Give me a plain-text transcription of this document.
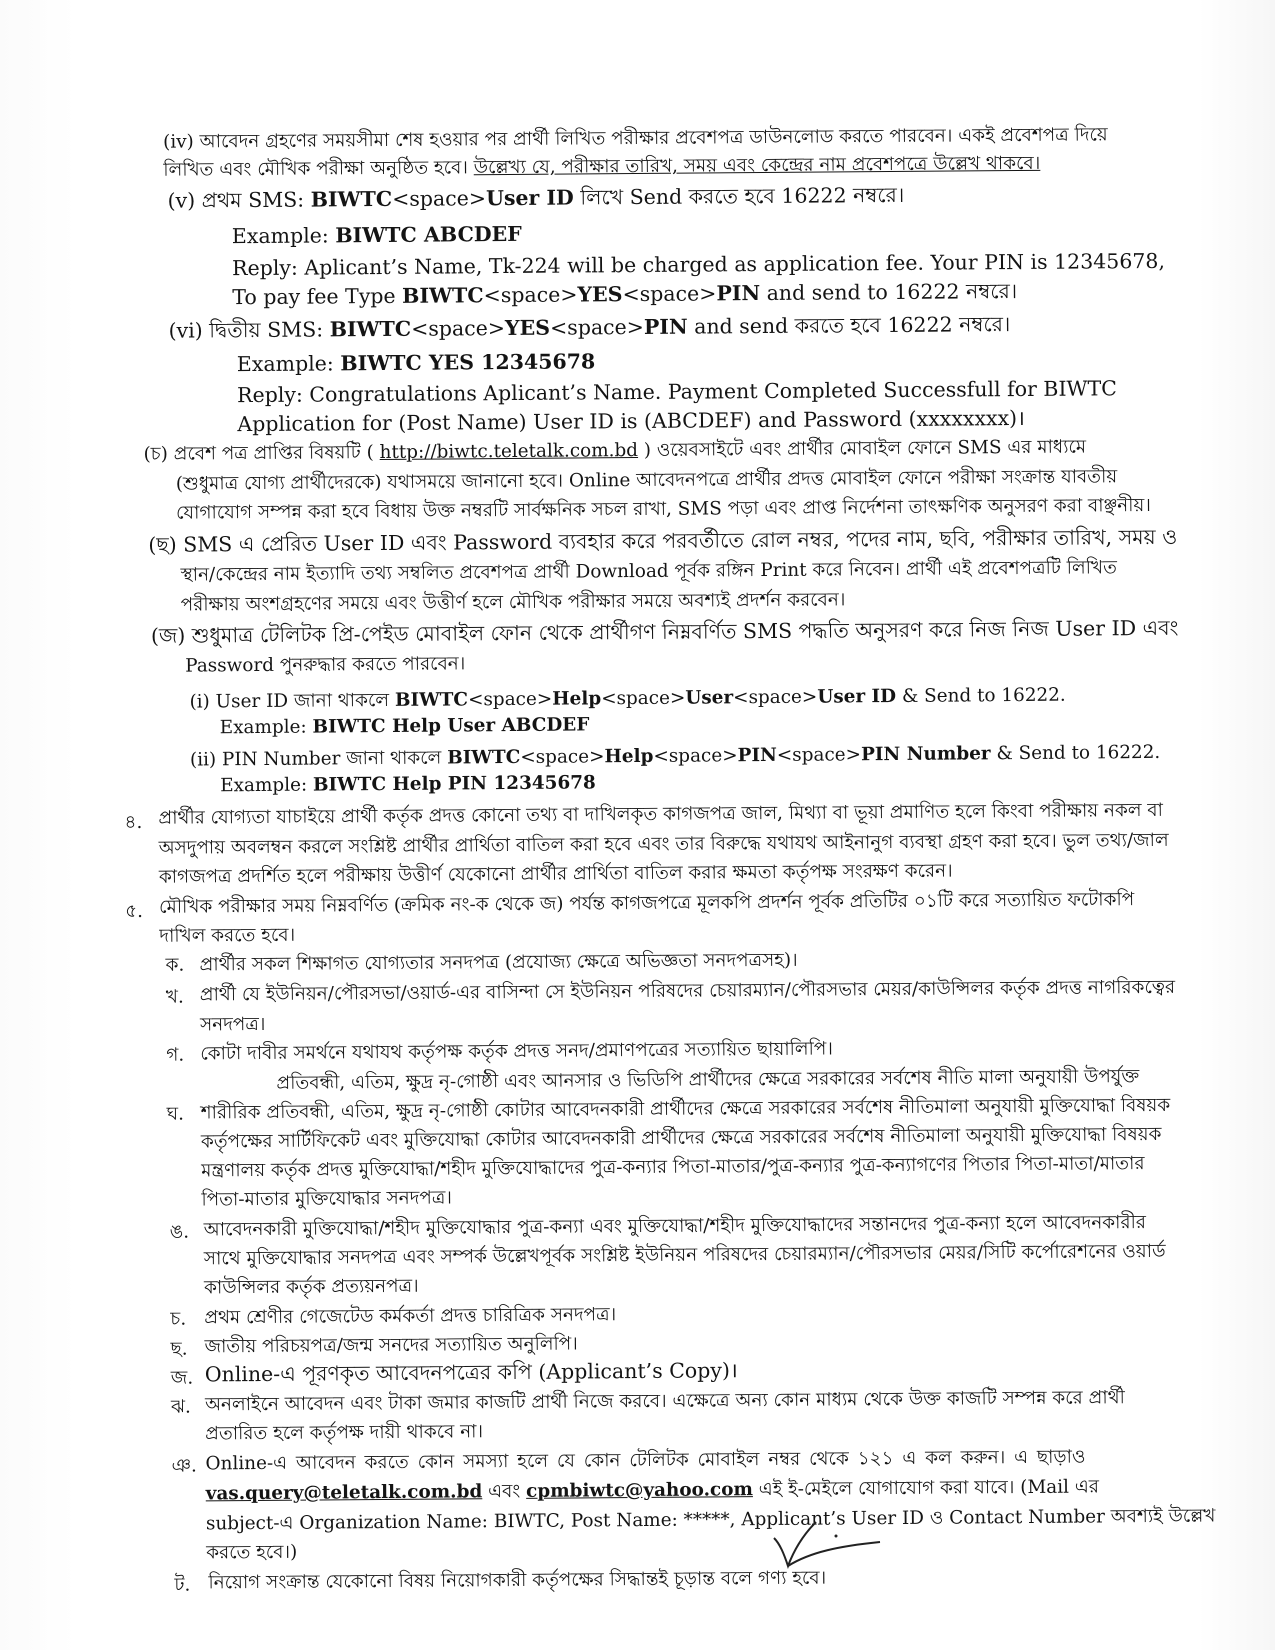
(iv) আবেদন গ্রহণের সময়সীমা শেষ হওয়ার পর প্রার্থী লিখিত পরীক্ষার প্রবেশপত্র ডাউনলোড করতে পারবেন। একই প্রবেশপত্র দিয়ে
লিখিত এবং মৌখিক পরীক্ষা অনুষ্ঠিত হবে। উল্লেখ্য যে, পরীক্ষার তারিখ, সময় এবং কেন্দ্রের নাম প্রবেশপত্রে উল্লেখ থাকবে।
(v) প্রথম SMS: BIWTC<space>User ID লিখে Send করতে হবে 16222 নম্বরে।
Example: BIWTC ABCDEF
Reply: Aplicant’s Name, Tk-224 will be charged as application fee. Your PIN is 12345678,
To pay fee Type BIWTC<space>YES<space>PIN and send to 16222 নম্বরে।
(vi) দ্বিতীয় SMS: BIWTC<space>YES<space>PIN and send করতে হবে 16222 নম্বরে।
Example: BIWTC YES 12345678
Reply: Congratulations Aplicant’s Name. Payment Completed Successfull for BIWTC
Application for (Post Name) User ID is (ABCDEF) and Password (xxxxxxxx)।
(চ) প্রবেশ পত্র প্রাপ্তির বিষয়টি ( http://biwtc.teletalk.com.bd ) ওয়েবসাইটে এবং প্রার্থীর মোবাইল ফোনে SMS এর মাধ্যমে
(শুধুমাত্র যোগ্য প্রার্থীদেরকে) যথাসময়ে জানানো হবে। Online আবেদনপত্রে প্রার্থীর প্রদত্ত মোবাইল ফোনে পরীক্ষা সংক্রান্ত যাবতীয়
যোগাযোগ সম্পন্ন করা হবে বিধায় উক্ত নম্বরটি সার্বক্ষনিক সচল রাখা, SMS পড়া এবং প্রাপ্ত নির্দেশনা তাৎক্ষণিক অনুসরণ করা বাঞ্ছনীয়।
(ছ) SMS এ প্রেরিত User ID এবং Password ব্যবহার করে পরবর্তীতে রোল নম্বর, পদের নাম, ছবি, পরীক্ষার তারিখ, সময় ও
স্থান/কেন্দ্রের নাম ইত্যাদি তথ্য সম্বলিত প্রবেশপত্র প্রার্থী Download পূর্বক রঙ্গিন Print করে নিবেন। প্রার্থী এই প্রবেশপত্রটি লিখিত
পরীক্ষায় অংশগ্রহণের সময়ে এবং উত্তীর্ণ হলে মৌখিক পরীক্ষার সময়ে অবশ্যই প্রদর্শন করবেন।
(জ) শুধুমাত্র টেলিটক প্রি-পেইড মোবাইল ফোন থেকে প্রার্থীগণ নিম্নবর্ণিত SMS পদ্ধতি অনুসরণ করে নিজ নিজ User ID এবং
Password পুনরুদ্ধার করতে পারবেন।
(i) User ID জানা থাকলে BIWTC<space>Help<space>User<space>User ID & Send to 16222.
Example: BIWTC Help User ABCDEF
(ii) PIN Number জানা থাকলে BIWTC<space>Help<space>PIN<space>PIN Number & Send to 16222.
Example: BIWTC Help PIN 12345678
৪. প্রার্থীর যোগ্যতা যাচাইয়ে প্রার্থী কর্তৃক প্রদত্ত কোনো তথ্য বা দাখিলকৃত কাগজপত্র জাল, মিথ্যা বা ভূয়া প্রমাণিত হলে কিংবা পরীক্ষায় নকল বা
অসদুপায় অবলম্বন করলে সংশ্লিষ্ট প্রার্থীর প্রার্থিতা বাতিল করা হবে এবং তার বিরুদ্ধে যথাযথ আইনানুগ ব্যবস্থা গ্রহণ করা হবে। ভুল তথ্য/জাল
কাগজপত্র প্রদর্শিত হলে পরীক্ষায় উত্তীর্ণ যেকোনো প্রার্থীর প্রার্থিতা বাতিল করার ক্ষমতা কর্তৃপক্ষ সংরক্ষণ করেন।
৫. মৌখিক পরীক্ষার সময় নিম্নবর্ণিত (ক্রমিক নং-ক থেকে জ) পর্যন্ত কাগজপত্রে মূলকপি প্রদর্শন পূর্বক প্রতিটির ০১টি করে সত্যায়িত ফটোকপি
দাখিল করতে হবে।
ক. প্রার্থীর সকল শিক্ষাগত যোগ্যতার সনদপত্র (প্রযোজ্য ক্ষেত্রে অভিজ্ঞতা সনদপত্রসহ)।
খ. প্রার্থী যে ইউনিয়ন/পৌরসভা/ওয়ার্ড-এর বাসিন্দা সে ইউনিয়ন পরিষদের চেয়ারম্যান/পৌরসভার মেয়র/কাউন্সিলর কর্তৃক প্রদত্ত নাগরিকত্বের
সনদপত্র।
গ. কোটা দাবীর সমর্থনে যথাযথ কর্তৃপক্ষ কর্তৃক প্রদত্ত সনদ/প্রমাণপত্রের সত্যায়িত ছায়ালিপি।
প্রতিবন্ধী, এতিম, ক্ষুদ্র নৃ-গোষ্ঠী এবং আনসার ও ভিডিপি প্রার্থীদের ক্ষেত্রে সরকারের সর্বশেষ নীতি মালা অনুযায়ী উপর্যুক্ত
ঘ. শারীরিক প্রতিবন্ধী, এতিম, ক্ষুদ্র নৃ-গোষ্ঠী কোটার আবেদনকারী প্রার্থীদের ক্ষেত্রে সরকারের সর্বশেষ নীতিমালা অনুযায়ী মুক্তিযোদ্ধা বিষয়ক
কর্তৃপক্ষের সার্টিফিকেট এবং মুক্তিযোদ্ধা কোটার আবেদনকারী প্রার্থীদের ক্ষেত্রে সরকারের সর্বশেষ নীতিমালা অনুযায়ী মুক্তিযোদ্ধা বিষয়ক
মন্ত্রণালয় কর্তৃক প্রদত্ত মুক্তিযোদ্ধা/শহীদ মুক্তিযোদ্ধাদের পুত্র-কন্যার পিতা-মাতার/পুত্র-কন্যার পুত্র-কন্যাগণের পিতার পিতা-মাতা/মাতার
পিতা-মাতার মুক্তিযোদ্ধার সনদপত্র।
ঙ. আবেদনকারী মুক্তিযোদ্ধা/শহীদ মুক্তিযোদ্ধার পুত্র-কন্যা এবং মুক্তিযোদ্ধা/শহীদ মুক্তিযোদ্ধাদের সন্তানদের পুত্র-কন্যা হলে আবেদনকারীর
সাথে মুক্তিযোদ্ধার সনদপত্র এবং সম্পর্ক উল্লেখপূর্বক সংশ্লিষ্ট ইউনিয়ন পরিষদের চেয়ারম্যান/পৌরসভার মেয়র/সিটি কর্পোরেশনের ওয়ার্ড
কাউন্সিলর কর্তৃক প্রত্যয়নপত্র।
চ. প্রথম শ্রেণীর গেজেটেড কর্মকর্তা প্রদত্ত চারিত্রিক সনদপত্র।
ছ. জাতীয় পরিচয়পত্র/জন্ম সনদের সত্যায়িত অনুলিপি।
জ. Online-এ পূরণকৃত আবেদনপত্রের কপি (Applicant’s Copy)।
ঝ. অনলাইনে আবেদন এবং টাকা জমার কাজটি প্রার্থী নিজে করবে। এক্ষেত্রে অন্য কোন মাধ্যম থেকে উক্ত কাজটি সম্পন্ন করে প্রার্থী
প্রতারিত হলে কর্তৃপক্ষ দায়ী থাকবে না।
ঞ. Online-এ আবেদন করতে কোন সমস্যা হলে যে কোন টেলিটক মোবাইল নম্বর থেকে ১২১ এ কল করুন। এ ছাড়াও
vas.query@teletalk.com.bd এবং cpmbiwtc@yahoo.com এই ই-মেইলে যোগাযোগ করা যাবে। (Mail এর
subject-এ Organization Name: BIWTC, Post Name: *****, Applicant’s User ID ও Contact Number অবশ্যই উল্লেখ
করতে হবে।)
ট. নিয়োগ সংক্রান্ত যেকোনো বিষয় নিয়োগকারী কর্তৃপক্ষের সিদ্ধান্তই চূড়ান্ত বলে গণ্য হবে।
